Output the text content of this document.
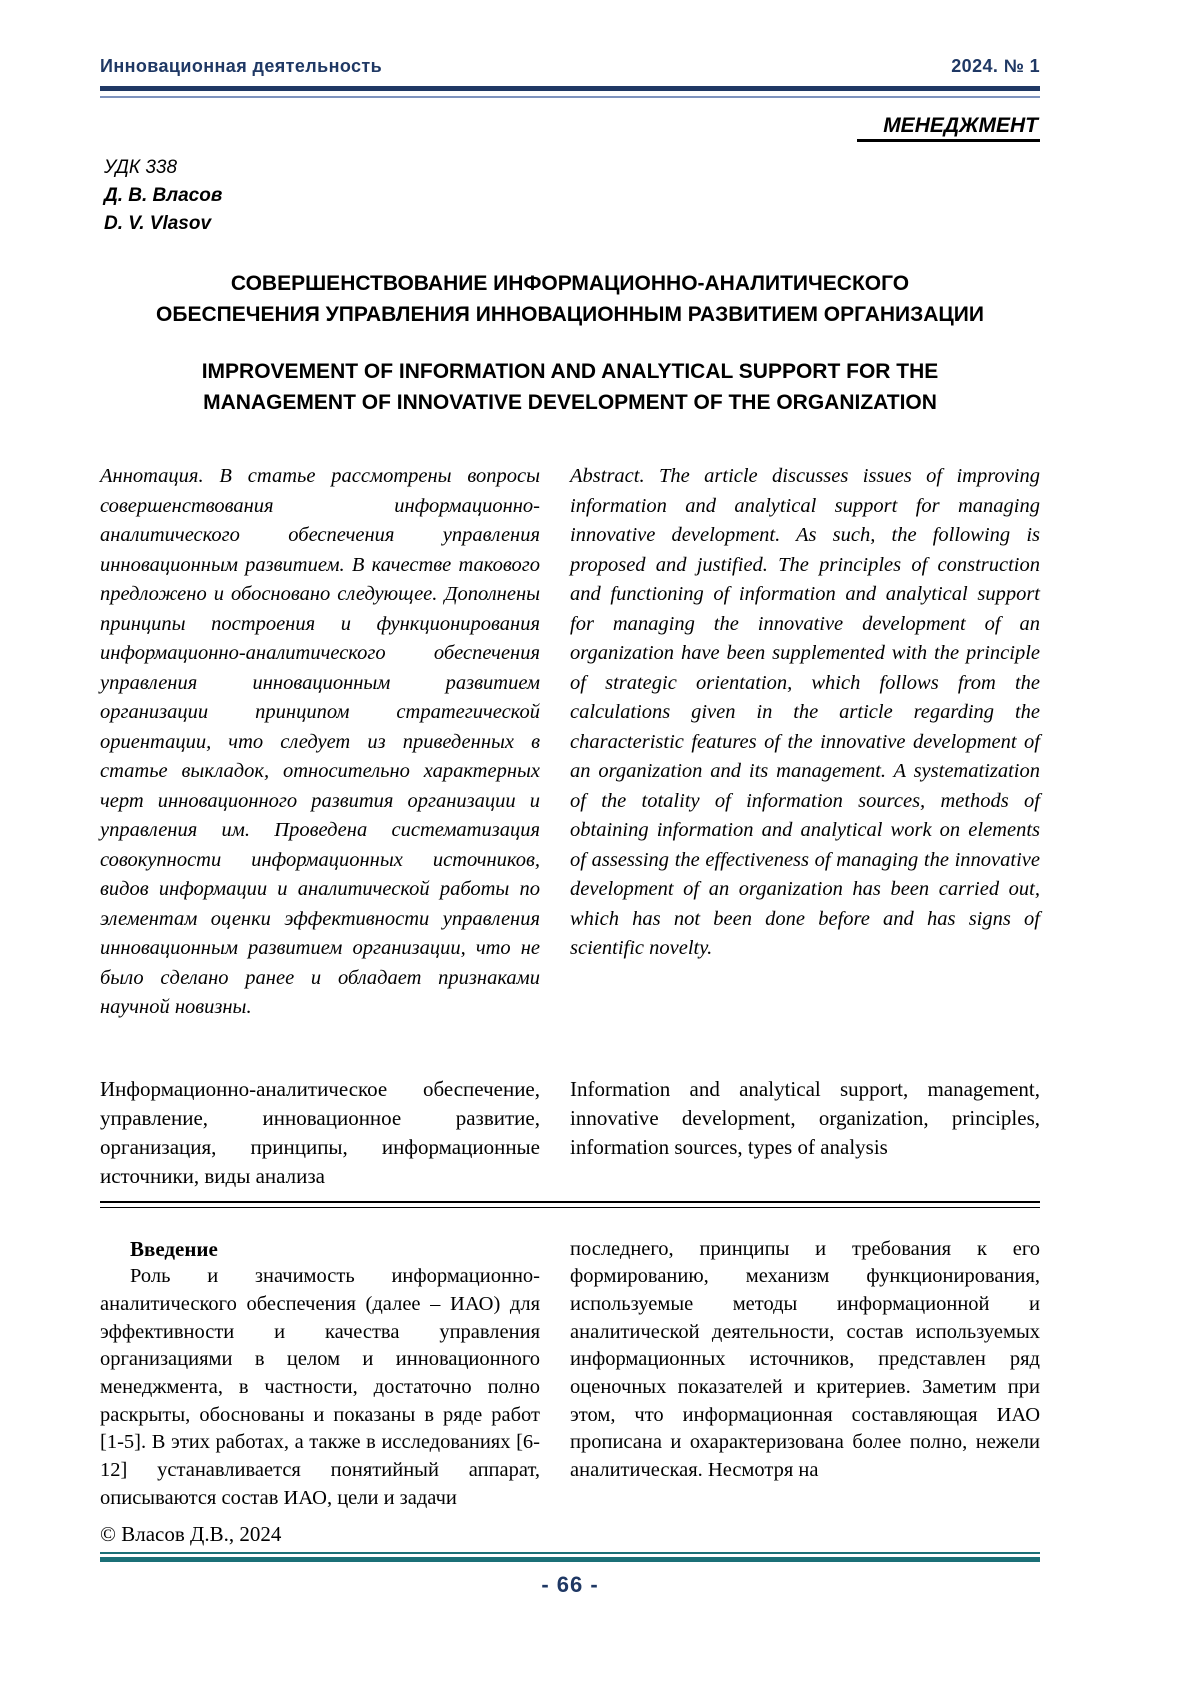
Инновационная деятельность	2024. № 1
МЕНЕДЖМЕНТ
УДК 338
Д. В. Власов
D. V. Vlasov
СОВЕРШЕНСТВОВАНИЕ ИНФОРМАЦИОННО-АНАЛИТИЧЕСКОГО
ОБЕСПЕЧЕНИЯ УПРАВЛЕНИЯ ИННОВАЦИОННЫМ РАЗВИТИЕМ ОРГАНИЗАЦИИ
IMPROVEMENT OF INFORMATION AND ANALYTICAL SUPPORT FOR THE
MANAGEMENT OF INNOVATIVE DEVELOPMENT OF THE ORGANIZATION

Аннотация. В статье рассмотрены вопросы совершенствования информационно-аналитического обеспечения управления инновационным развитием. В качестве такового предложено и обосновано следующее. Дополнены принципы построения и функционирования информационно-аналитического обеспечения управления инновационным развитием организации принципом стратегической ориентации, что следует из приведенных в статье выкладок, относительно характерных черт инновационного развития организации и управления им. Проведена систематизация совокупности информационных источников, видов информации и аналитической работы по элементам оценки эффективности управления инновационным развитием организации, что не было сделано ранее и обладает признаками научной новизны.

Abstract. The article discusses issues of improving information and analytical support for managing innovative development. As such, the following is proposed and justified. The principles of construction and functioning of information and analytical support for managing the innovative development of an organization have been supplemented with the principle of strategic orientation, which follows from the calculations given in the article regarding the characteristic features of the innovative development of an organization and its management. A systematization of the totality of information sources, methods of obtaining information and analytical work on elements of assessing the effectiveness of managing the innovative development of an organization has been carried out, which has not been done before and has signs of scientific novelty.

Информационно-аналитическое обеспечение, управление, инновационное развитие, организация, принципы, информационные источники, виды анализа

Information and analytical support, management, innovative development, organization, principles, information sources, types of analysis

Введение

Роль и значимость информационно-аналитического обеспечения (далее – ИАО) для эффективности и качества управления организациями в целом и инновационного менеджмента, в частности, достаточно полно раскрыты, обоснованы и показаны в ряде работ [1-5]. В этих работах, а также в исследованиях [6-12] устанавливается понятийный аппарат, описываются состав ИАО, цели и задачи

последнего, принципы и требования к его формированию, механизм функционирования, используемые методы информационной и аналитической деятельности, состав используемых информационных источников, представлен ряд оценочных показателей и критериев. Заметим при этом, что информационная составляющая ИАО прописана и охарактеризована более полно, нежели аналитическая. Несмотря на

© Власов Д.В., 2024
- 66 -
